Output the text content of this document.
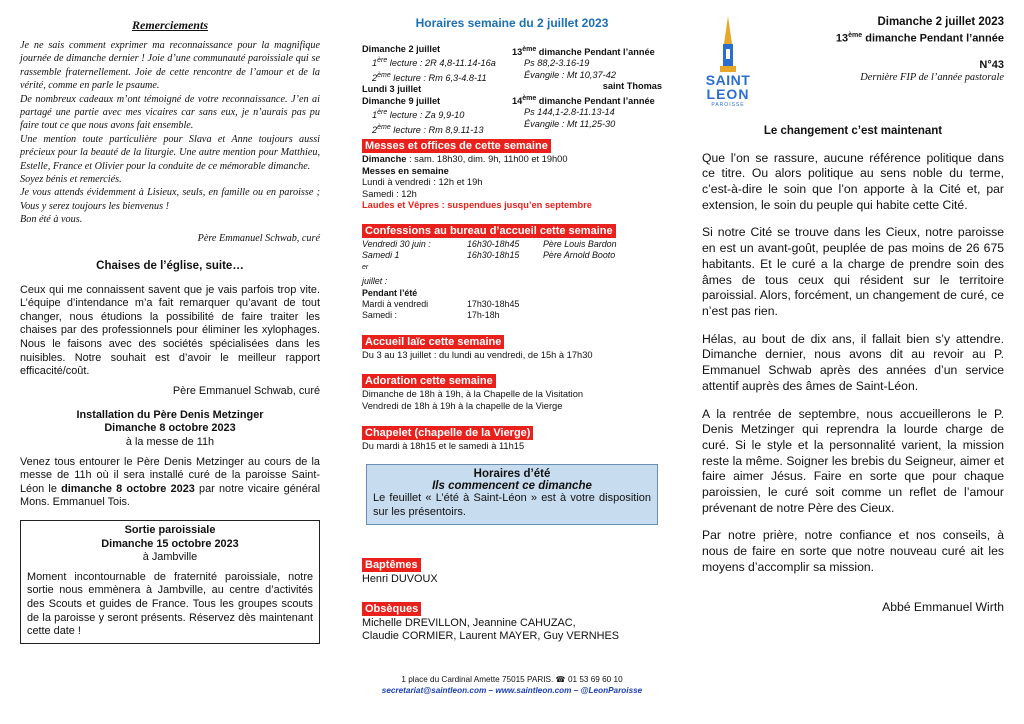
Remerciements

Je ne sais comment exprimer ma reconnaissance pour la magnifique journée de dimanche dernier ! Joie d’une communauté paroissiale qui se rassemble fraternellement. Joie de cette rencontre de l’amour et de la vérité, comme en parle le psaume.

De nombreux cadeaux m’ont témoigné de votre reconnaissance. J’en ai partagé une partie avec mes vicaires car sans eux, je n’aurais pas pu faire tout ce que nous avons fait ensemble.

Une mention toute particulière pour Slava et Anne toujours aussi précieux pour la beauté de la liturgie. Une autre mention pour Matthieu, Estelle, France et Olivier pour la conduite de ce mémorable dimanche.

Soyez bénis et remerciés.

Je vous attends évidemment à Lisieux, seuls, en famille ou en paroisse ; Vous y serez toujours les bienvenus !

Bon été à vous.

Père Emmanuel Schwab, curé
Chaises de l’église, suite…

Ceux qui me connaissent savent que je vais parfois trop vite. L’équipe d’intendance m’a fait remarquer qu’avant de tout changer, nous étudions la possibilité de faire traiter les chaises par des professionnels pour éliminer les xylophages. Nous le faisons avec des sociétés spécialisées dans les nuisibles. Notre souhait est d’avoir le meilleur rapport efficacité/coût.

Père Emmanuel Schwab, curé
Installation du Père Denis Metzinger
Dimanche 8 octobre 2023
à la messe de 11h

Venez tous entourer le Père Denis Metzinger au cours de la messe de 11h où il sera installé curé de la paroisse Saint-Léon le dimanche 8 octobre 2023 par notre vicaire général Mons. Emmanuel Tois.

Sortie paroissiale
Dimanche 15 octobre 2023
à Jambville

Moment incontournable de fraternité paroissiale, notre sortie nous emmènera à Jambville, au centre d’activités des Scouts et guides de France. Tous les groupes scouts de la paroisse y seront présents. Réservez dès maintenant cette date !

Horaires semaine du 2 juillet 2023
Dimanche 2 juillet
1ère lecture : 2R 4,8-11.14-16a
2ème lecture : Rm 6,3-4.8-11
Lundi 3 juillet
Dimanche 9 juillet
1ère lecture : Za 9,9-10
2ème lecture : Rm 8,9.11-13
13ème dimanche Pendant l’année
Ps 88,2-3.16-19
Évangile : Mt 10,37-42
saint Thomas
14ème dimanche Pendant l’année
Ps 144,1-2.8-11.13-14
Évangile : Mt 11,25-30
Messes et offices de cette semaine
Dimanche : sam. 18h30, dim. 9h, 11h00 et 19h00
Messes en semaine
Lundi à vendredi : 12h et 19h
Samedi : 12h
Laudes et Vêpres : suspendues jusqu’en septembre
Confessions au bureau d’accueil cette semaine
Vendredi 30 juin :	16h30-18h45	Père Louis Bardon
Samedi 1
$^{er}$
juillet :
16h30-18h15	Père Arnold Booto
Pendant l’été
Mardi à vendredi	17h30-18h45
Samedi :	17h-18h
Accueil laïc cette semaine
Du 3 au 13 juillet : du lundi au vendredi, de 15h à 17h30
Adoration cette semaine
Dimanche de 18h à 19h, à la Chapelle de la Visitation
Vendredi de 18h à 19h à la chapelle de la Vierge
Chapelet (chapelle de la Vierge)
Du mardi à 18h15 et le samedi à 11h15
Horaires d’été
Ils commencent ce dimanche
Le feuillet « L’été à Saint-Léon » est à votre disposition sur les présentoirs.
Baptêmes
Henri DUVOUX
Obsèques
Michelle DREVILLON, Jeannine CAHUZAC,
Claudie CORMIER, Laurent MAYER, Guy VERNHES
1 place du Cardinal Amette 75015 PARIS. ☎ 01 53 69 60 10
secretariat@saintleon.com – www.saintleon.com – @LeonParoisse
SAINT
LEON
PAROISSE
Dimanche 2 juillet 2023
13ème dimanche Pendant l’année
N°43
Dernière FIP de l’année pastorale
Le changement c’est maintenant

Que l’on se rassure, aucune référence politique dans ce titre. Ou alors politique au sens noble du terme, c’est-à-dire le soin que l’on apporte à la Cité et, par extension, le soin du peuple qui habite cette Cité.

Si notre Cité se trouve dans les Cieux, notre paroisse en est un avant-goût, peuplée de pas moins de 26 675 habitants. Et le curé a la charge de prendre soin des âmes de tous ceux qui résident sur le territoire paroissial. Alors, forcément, un changement de curé, ce n’est pas rien.

Hélas, au bout de dix ans, il fallait bien s’y attendre. Dimanche dernier, nous avons dit au revoir au P. Emmanuel Schwab après des années d’un service attentif auprès des âmes de Saint-Léon.

A la rentrée de septembre, nous accueillerons le P. Denis Metzinger qui reprendra la lourde charge de curé. Si le style et la personnalité varient, la mission reste la même. Soigner les brebis du Seigneur, aimer et faire aimer Jésus. Faire en sorte que pour chaque paroissien, le curé soit comme un reflet de l’amour prévenant de notre Père des Cieux.

Par notre prière, notre confiance et nos conseils, à nous de faire en sorte que notre nouveau curé ait les moyens d’accomplir sa mission.

Abbé Emmanuel Wirth
